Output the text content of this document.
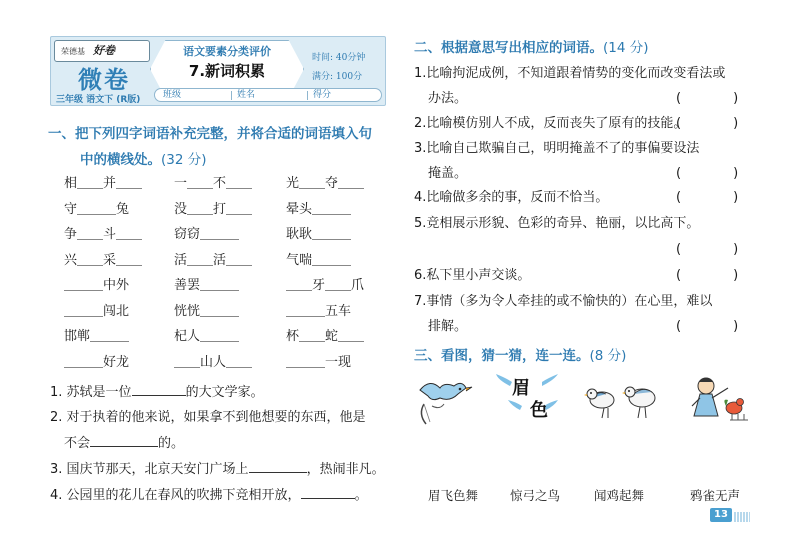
荣德基 好卷
微卷
语文要素分类评价
7.新词积累
时间: 40分钟
满分: 100分
三年级 语文下 (R版)	班级	姓名	得分
一、把下列四字词语补充完整，并将合适的词语填入句
中的横线处。(32 分)
相＿＿并＿＿ 一＿＿不＿＿	光＿＿夺＿＿
守＿＿＿兔	没＿＿打＿＿	晕头＿＿＿
争＿＿斗＿＿ 窃窃＿＿＿	耿耿＿＿＿
兴＿＿采＿＿ 活＿＿活＿＿	气喘＿＿＿
＿＿＿中外	善罢＿＿＿	＿＿牙＿＿爪
＿＿＿闯北	恍恍＿＿＿	＿＿＿五车
邯郸＿＿＿	杞人＿＿＿	杯＿＿蛇＿＿
＿＿＿好龙	＿＿山人＿＿	＿＿＿一现
1. 苏轼是一位	的大文学家。
2. 对于执着的他来说，如果拿不到他想要的东西，他是
不会	的。
3. 国庆节那天，北京天安门广场上	，热闹非凡。
4. 公园里的花儿在春风的吹拂下竞相开放，	。
二、根据意思写出相应的词语。(14 分)
1.比喻拘泥成例，不知道跟着情势的变化而改变看法或
办法。	(　　　　)
2.比喻模仿别人不成，反而丧失了原有的技能。
(　　　　)
3.比喻自己欺骗自己，明明掩盖不了的事偏要设法
掩盖。	(　　　　)
4.比喻做多余的事，反而不恰当。	(　　　　)
5.竞相展示形貌、色彩的奇异、艳丽，以比高下。
(　　　　)
6.私下里小声交谈。	(　　　　)
7.事情（多为令人牵挂的或不愉快的）在心里，难以
排解。	(　　　　)
三、看图，猜一猜，连一连。(8 分)
眉
色
眉飞色舞	惊弓之鸟	闻鸡起舞	鸦雀无声
13
